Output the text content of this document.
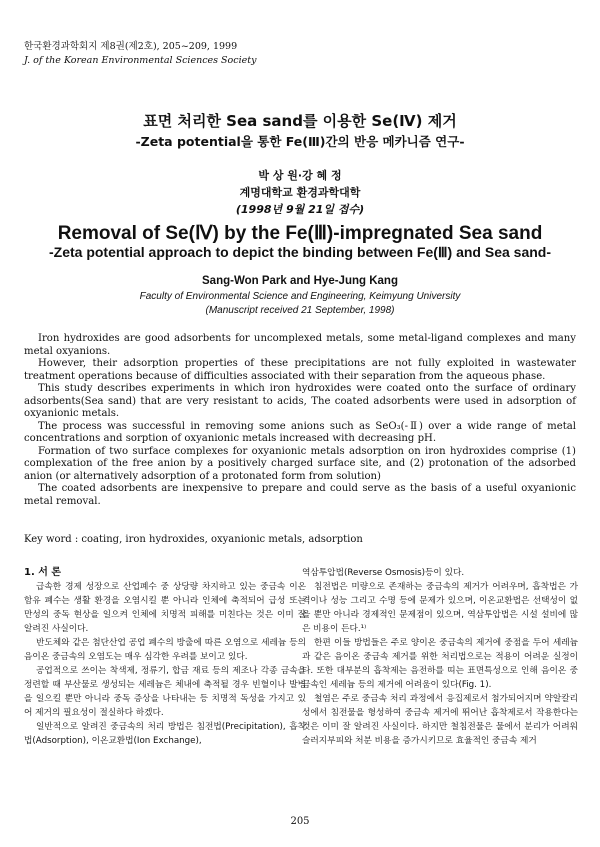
한국환경과학회지 제8권(제2호), 205~209, 1999
J. of the Korean Environmental Sciences Society
표면 처리한 Sea sand를 이용한 Se(Ⅳ) 제거
-Zeta potential을 통한 Fe(Ⅲ)간의 반응 메카니즘 연구-
박 상 원·강 혜 정
계명대학교 환경과학대학
(1998년 9월 21일 접수)
Removal of Se(Ⅳ) by the Fe(Ⅲ)-impregnated Sea sand
-Zeta potential approach to depict the binding between Fe(Ⅲ) and Sea sand-
Sang-Won Park and Hye-Jung Kang
Faculty of Environmental Science and Engineering, Keimyung University
(Manuscript received 21 September, 1998)

Iron hydroxides are good adsorbents for uncomplexed metals, some metal-ligand complexes and many metal oxyanions.

However, their adsorption properties of these precipitations are not fully exploited in wastewater treatment operations because of difficulties associated with their separation from the aqueous phase.

This study describes experiments in which iron hydroxides were coated onto the surface of ordinary adsorbents(Sea sand) that are very resistant to acids, The coated adsorbents were used in adsorption of oxyanionic metals.

The process was successful in removing some anions such as SeO₃(-Ⅱ) over a wide range of metal concentrations and sorption of oxyanionic metals increased with decreasing pH.

Formation of two surface complexes for oxyanionic metals adsorption on iron hydroxides comprise (1) complexation of the free anion by a positively charged surface site, and (2) protonation of the adsorbed anion (or alternatively adsorption of a protonated form from solution)

The coated adsorbents are inexpensive to prepare and could serve as the basis of a useful oxyanionic metal removal.

Key word : coating, iron hydroxides, oxyanionic metals, adsorption

1. 서 론

급속한 경제 성장으로 산업폐수 중 상당량 차지하고 있는 중금속 이온 함유 폐수는 생활 환경을 오염시킬 뿐 아니라 인체에 축적되어 급성 또는 만성의 중독 현상을 일으켜 인체에 치명적 피해를 미친다는 것은 이미 잘 알려진 사실이다.

반도체와 같은 첨단산업 공업 폐수의 방출에 따른 오염으로 세레늄 등의 음이온 중금속의 오염도는 매우 심각한 우려를 보이고 있다.

공업적으로 쓰이는 착색제, 정류기, 합금 재료 등의 제조나 각종 금속을 정련할 때 부산물로 생성되는 세레늄은 체내에 축적될 경우 빈혈이나 발병을 일으킬 뿐만 아니라 중독 증상을 나타내는 등 치명적 독성을 가지고 있어 제거의 필요성이 절실하다 하겠다.

일반적으로 알려진 중금속의 처리 방법은 침전법(Precipitation), 흡착법(Adsorption), 이온교환법(Ion Exchange),

역삼투압법(Reverse Osmosis)등이 있다.

침전법은 미량으로 존재하는 중금속의 제거가 어려우며, 흡착법은 가격이나 성능 그리고 수명 등에 문제가 있으며, 이온교환법은 선택성이 없을 뿐만 아니라 경제적인 문제점이 있으며, 역삼투압법은 시설 설비에 많은 비용이 든다.¹⁾

한편 이들 방법들은 주로 양이온 중금속의 제거에 중점을 두어 세레늄과 같은 음이온 중금속 제거를 위한 처리법으로는 적용이 어려운 실정이다. 또한 대부분의 흡착제는 음전하를 띠는 표면특성으로 인해 음이온 중금속인 세레늄 등의 제거에 어려움이 있다(Fig. 1).

철염은 주로 중금속 처리 과정에서 응집제로서 첨가되어지며 약알칼리성에서 침전물을 형성하여 중금속 제거에 뛰어난 흡착제로서 작용한다는 것은 이미 잘 알려진 사실이다. 하지만 철침전물은 물에서 분리가 어려워 슬러지부피와 처분 비용을 증가시키므로 효율적인 중금속 제거

205
